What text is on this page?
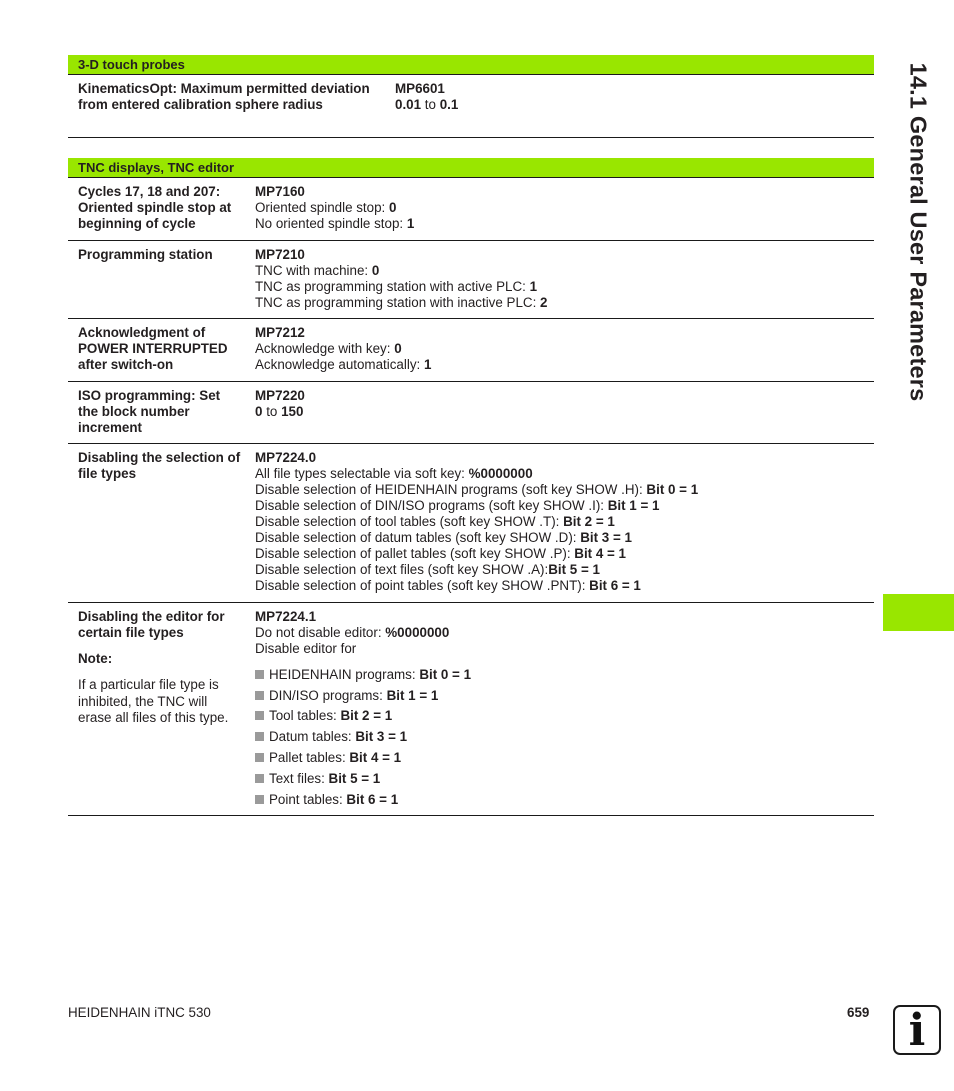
3-D touch probes
KinematicsOpt: Maximum permitted deviation from entered calibration sphere radius
MP6601
0.01 to 0.1
TNC displays, TNC editor
Cycles 17, 18 and 207: Oriented spindle stop at beginning of cycle
MP7160
Oriented spindle stop: 0
No oriented spindle stop: 1
Programming station	MP7210
TNC with machine: 0
TNC as programming station with active PLC: 1
TNC as programming station with inactive PLC: 2
Acknowledgment of POWER INTERRUPTED after switch-on
MP7212
Acknowledge with key: 0
Acknowledge automatically: 1
ISO programming: Set the block number increment
MP7220
0 to 150
Disabling the selection of file types
MP7224.0
All file types selectable via soft key: %0000000
Disable selection of HEIDENHAIN programs (soft key SHOW .H): Bit 0 = 1
Disable selection of DIN/ISO programs (soft key SHOW .I): Bit 1 = 1
Disable selection of tool tables (soft key SHOW .T): Bit 2 = 1
Disable selection of datum tables (soft key SHOW .D): Bit 3 = 1
Disable selection of pallet tables (soft key SHOW .P): Bit 4 = 1
Disable selection of text files (soft key SHOW .A):Bit 5 = 1
Disable selection of point tables (soft key SHOW .PNT): Bit 6 = 1
Disabling the editor for certain file types
Note:
If a particular file type is inhibited, the TNC will erase all files of this type.
MP7224.1
Do not disable editor: %0000000
Disable editor for
HEIDENHAIN programs: Bit 0 = 1
DIN/ISO programs: Bit 1 = 1
Tool tables: Bit 2 = 1
Datum tables: Bit 3 = 1
Pallet tables: Bit 4 = 1
Text files: Bit 5 = 1
Point tables: Bit 6 = 1
14.1 General User Parameters
HEIDENHAIN iTNC 530	659 i
